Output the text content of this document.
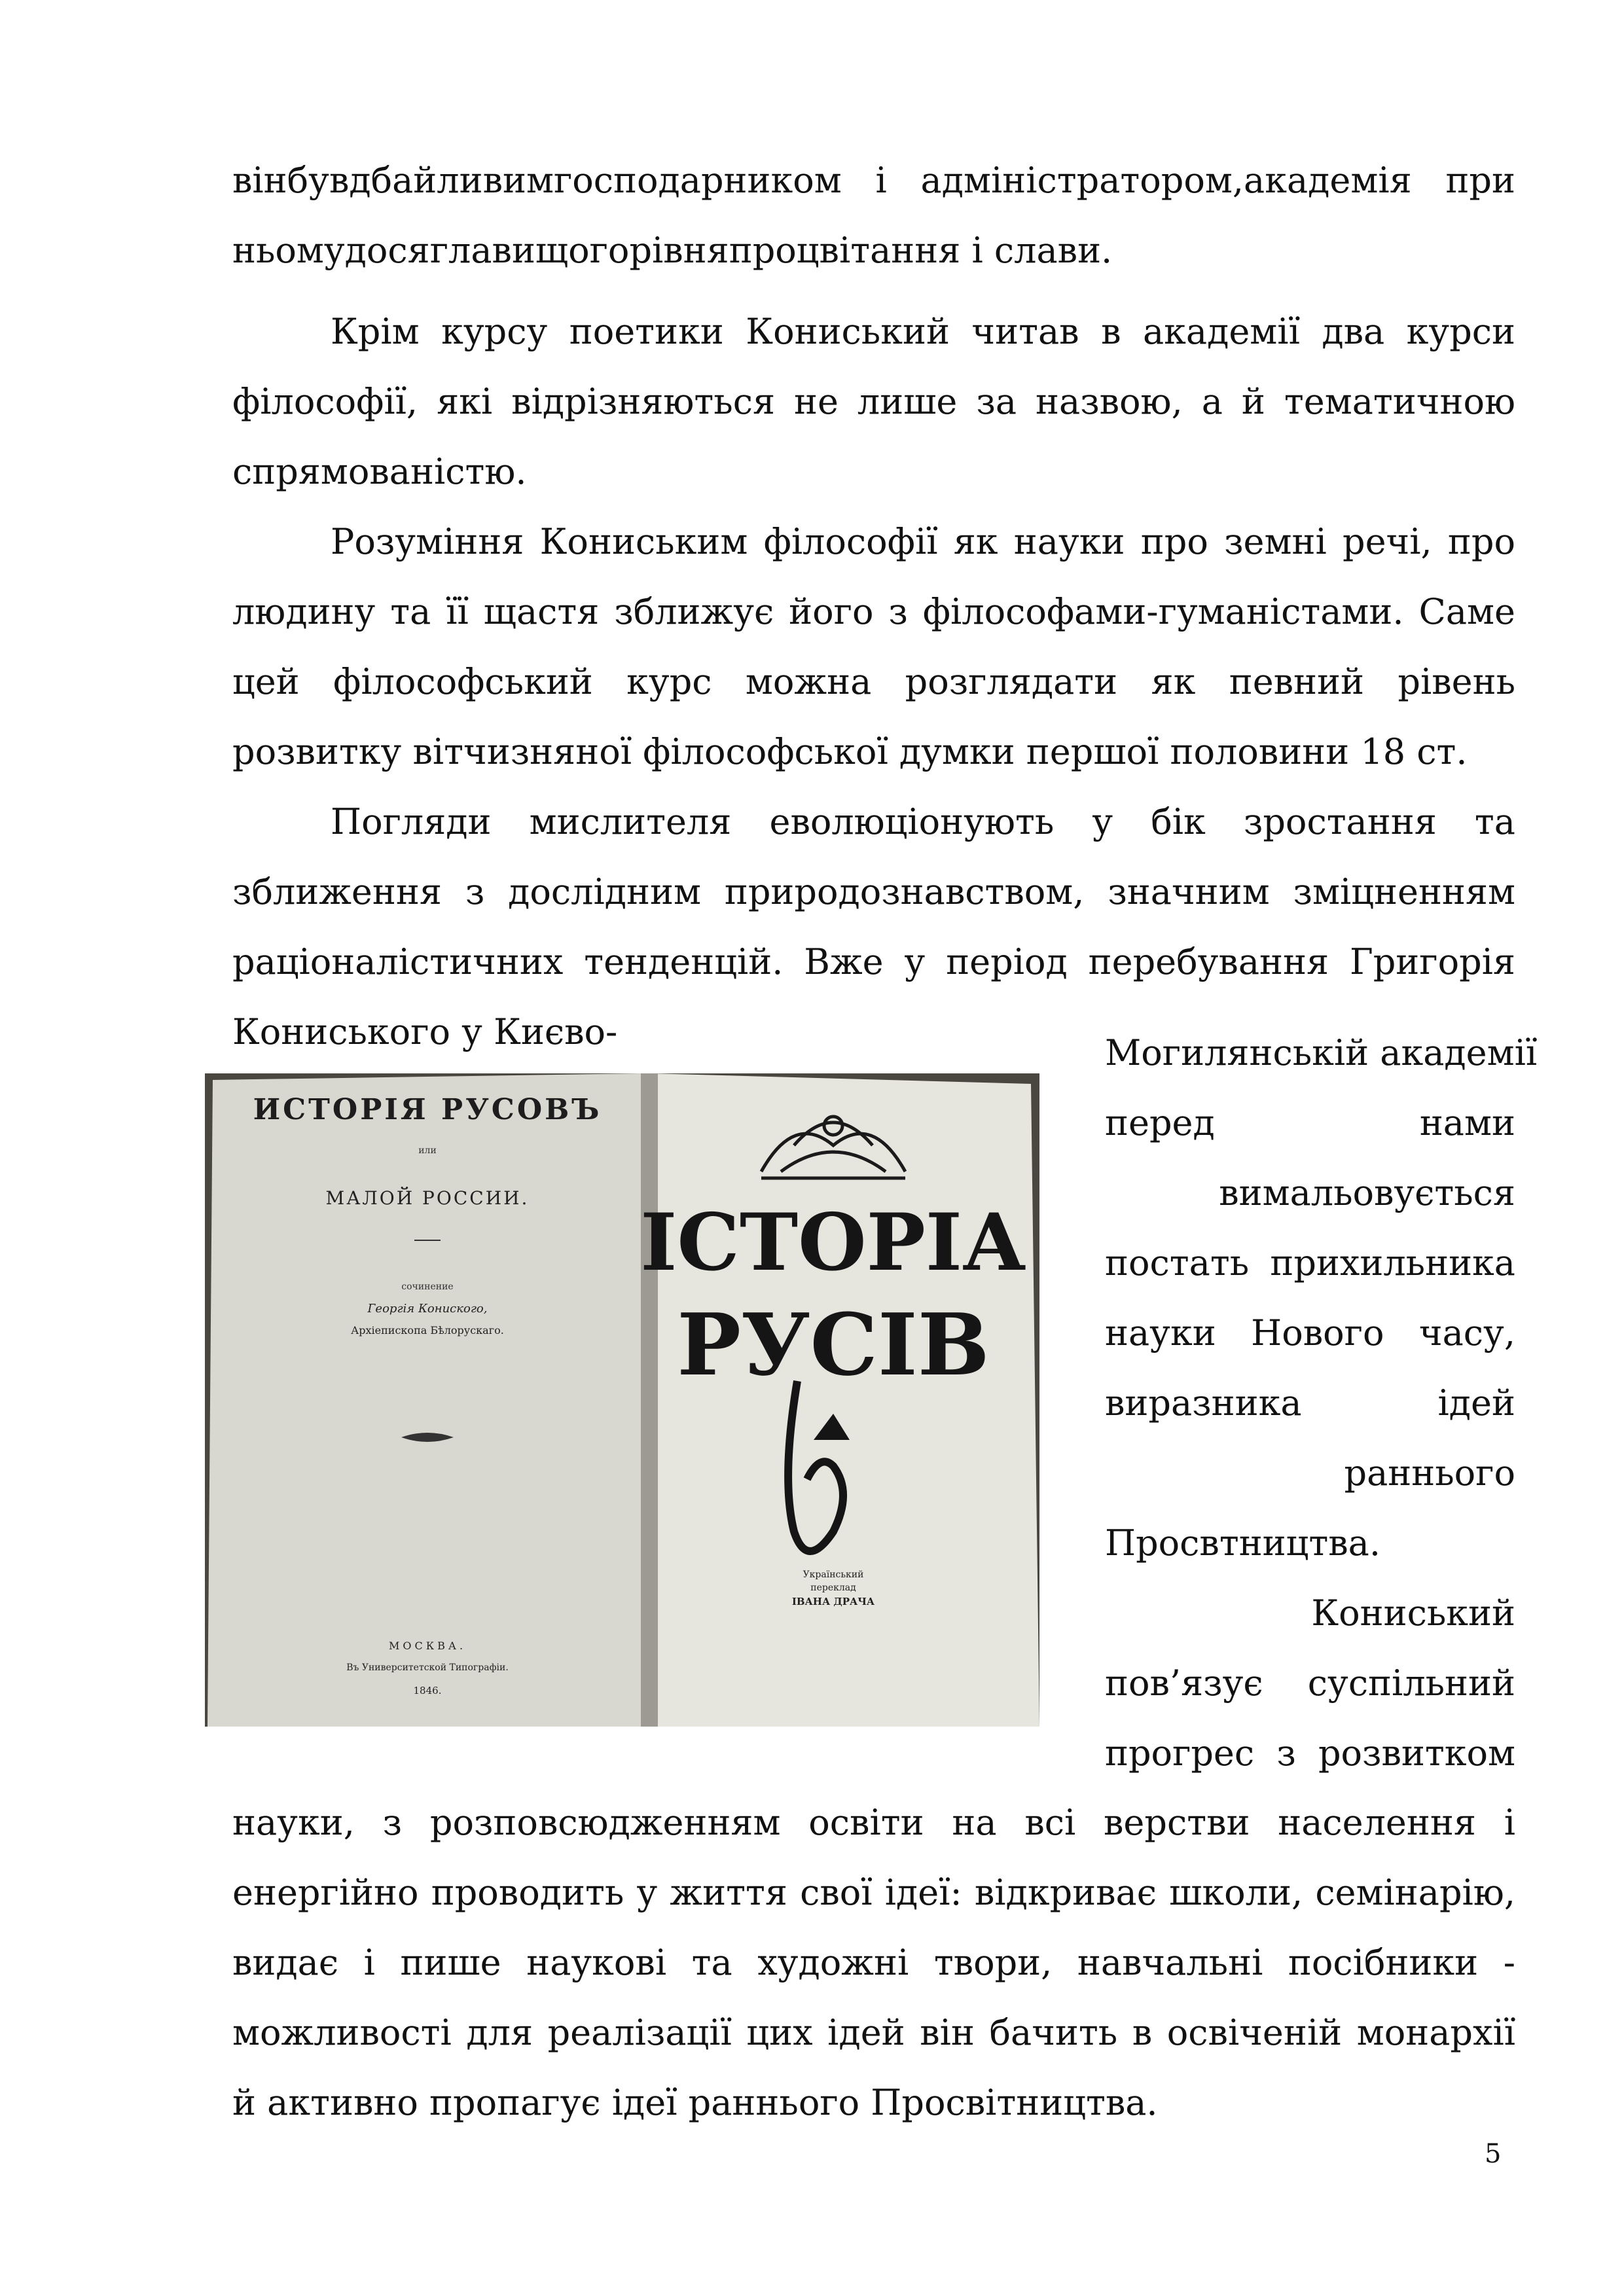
вінбувдбайливимгосподарником і адміністратором,академія при ньомудосяглавищогорівняпроцвітання і слави.

Крім курсу поетики Кониський читав в академії два курси філософії, які відрізняються не лише за назвою, а й тематичною спрямованістю.

Розуміння Кониським філософії як науки про земні речі, про людину та її щастя зближує його з філософами-гуманістами. Саме цей філософський курс можна розглядати як певний рівень розвитку вітчизняної філософської думки першої половини 18 ст.

Погляди мислителя еволюціонують у бік зростання та зближення з дослідним природознавством, значним зміцненням раціоналістичних тенденцій. Вже у період перебування Григорія Кониського у Києво-

Могилянській академії
перед	нами
вимальовується
постать прихильника
науки Нового часу,
виразника	ідей
раннього
Просвтництва.
Кониський
пов’язує суспільний
прогрес з розвитком
ИСТОРІЯ РУСОВЪ
или
МАЛОЙ РОССИИ.
сочинение
Георгія Кониского,
Архіепископа Бѣлорускаго.
МОСКВА.
Въ Университетской Типографіи.
1846.
ІСТОРІА
РУСІВ
Український
переклад
ІВАНА ДРАЧА

науки, з розповсюдженням освіти на всі верстви населення і енергійно проводить у життя свої ідеї: відкриває школи, семінарію, видає і пише наукові та художні твори, навчальні посібники - можливості для реалізації цих ідей він бачить в освіченій монархії й активно пропагує ідеї раннього Просвітництва.

5
